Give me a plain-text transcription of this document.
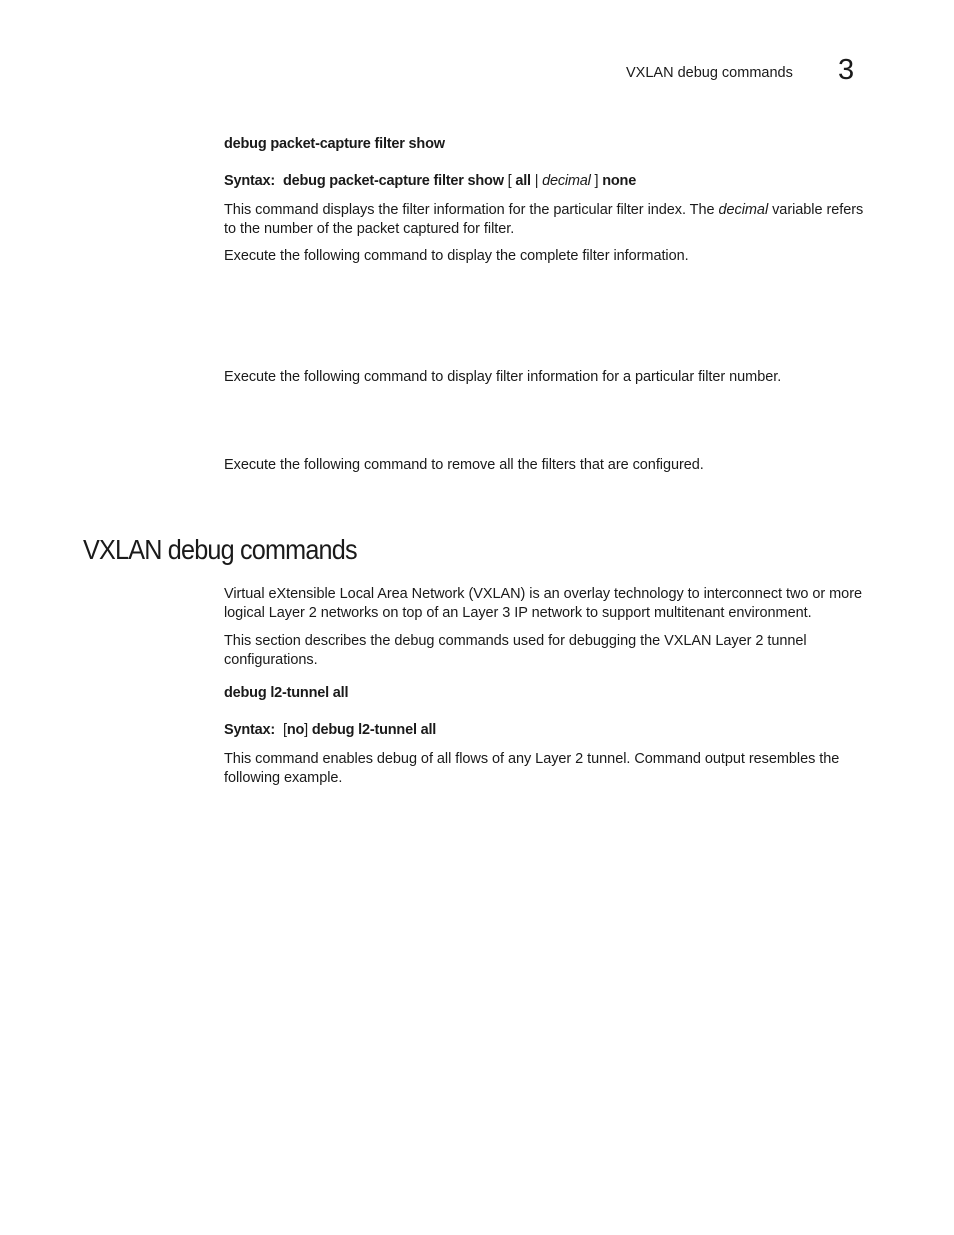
VXLAN debug commands 3
debug packet-capture filter show
Syntax: debug packet-capture filter show [ all | decimal ] none
This command displays the filter information for the particular filter index. The decimal variable refers to the number of the packet captured for filter.
Execute the following command to display the complete filter information.
Execute the following command to display filter information for a particular filter number.
Execute the following command to remove all the filters that are configured.
VXLAN debug commands
Virtual eXtensible Local Area Network (VXLAN) is an overlay technology to interconnect two or more logical Layer 2 networks on top of an Layer 3 IP network to support multitenant environment.
This section describes the debug commands used for debugging the VXLAN Layer 2 tunnel configurations.
debug l2-tunnel all
Syntax: [no] debug l2-tunnel all
This command enables debug of all flows of any Layer 2 tunnel. Command output resembles the following example.
